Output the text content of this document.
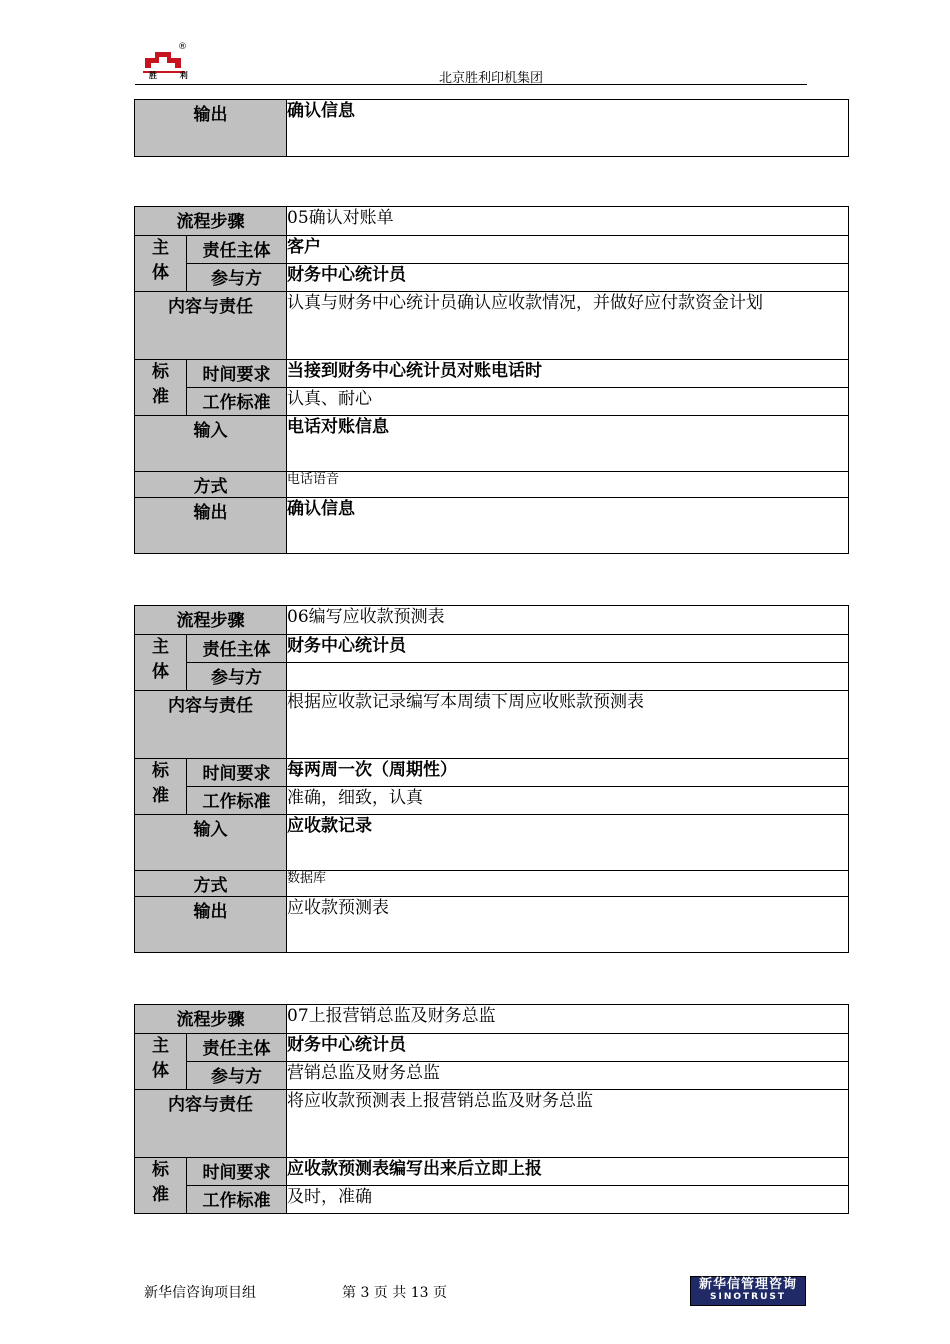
®
胜 利	北京胜利印机集团
输出	确认信息
流程步骤		05确认对账单
主
体	责任主体	客户
	参与方	财务中心统计员
内容与责任		认真与财务中心统计员确认应收款情况，并做好应付款资金计划
标
准	时间要求	当接到财务中心统计员对账电话时
	工作标准	认真、耐心
输入		电话对账信息
方式		电话语音
输出		确认信息
流程步骤		06编写应收款预测表
主
体	责任主体	财务中心统计员
	参与方	
内容与责任		根据应收款记录编写本周绩下周应收账款预测表
标
准	时间要求	每两周一次（周期性）
	工作标准	准确，细致，认真
输入		应收款记录
方式		数据库
输出		应收款预测表
流程步骤		07上报营销总监及财务总监
主
体	责任主体	财务中心统计员
	参与方	营销总监及财务总监
内容与责任		将应收款预测表上报营销总监及财务总监
标
准	时间要求	应收款预测表编写出来后立即上报
	工作标准	及时，准确
新华信咨询项目组	第 3 页 共 13 页
新华信管理咨询
SINOTRUST
